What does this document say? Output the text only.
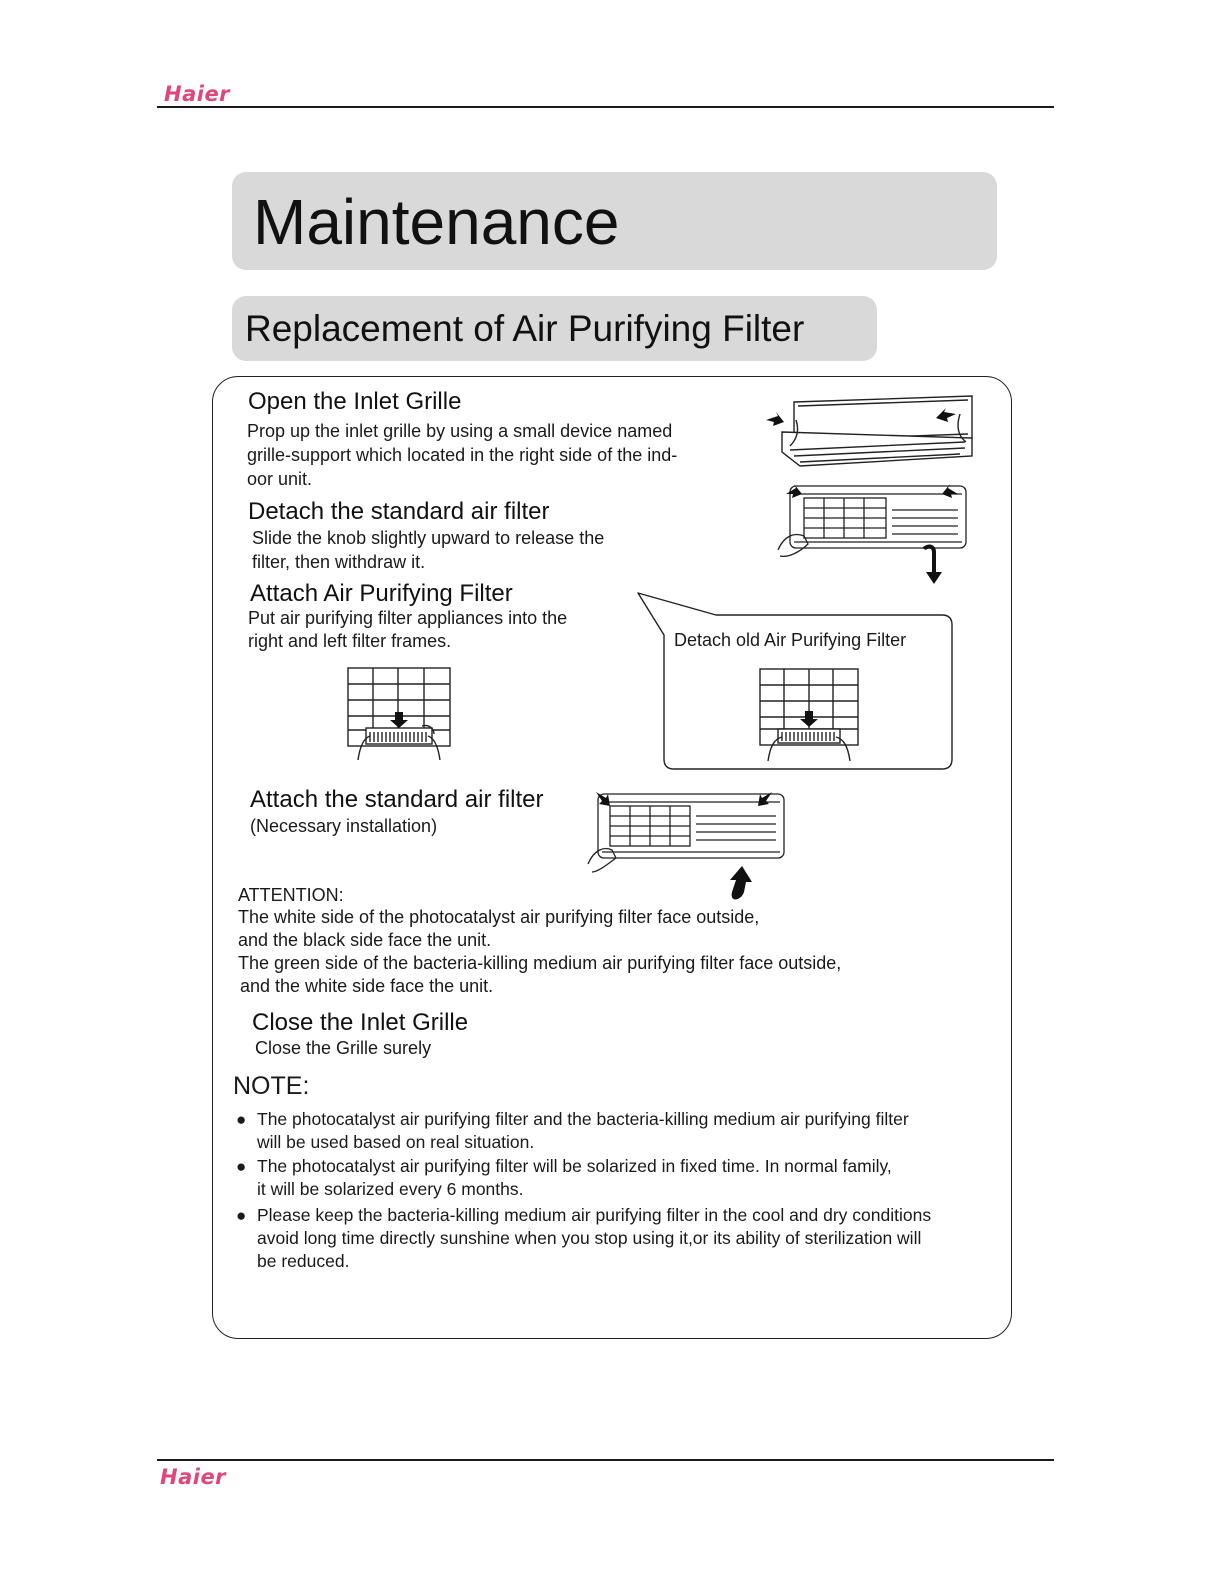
Haier
Maintenance
Replacement of Air Purifying Filter
Open the Inlet Grille
Prop up the inlet grille by using a small device named
grille-support which located in the right side of the ind-
oor unit.
Detach the standard air filter
Slide the knob slightly upward to release the
filter, then withdraw it.
Attach Air Purifying Filter
Put air purifying filter appliances into the
right and left filter frames.	Detach old Air Purifying Filter
Attach the standard air filter
(Necessary installation)
ATTENTION:
The white side of the photocatalyst air purifying filter face outside,
and the black side face the unit.
The green side of the bacteria-killing medium air purifying filter face outside,
and the white side face the unit.
Close the Inlet Grille
Close the Grille surely
NOTE:
● The photocatalyst air purifying filter and the bacteria-killing medium air purifying filter
will be used based on real situation.
● The photocatalyst air purifying filter will be solarized in fixed time. In normal family,
it will be solarized every 6 months.
● Please keep the bacteria-killing medium air purifying filter in the cool and dry conditions
avoid long time directly sunshine when you stop using it,or its ability of sterilization will
be reduced.
Haier
